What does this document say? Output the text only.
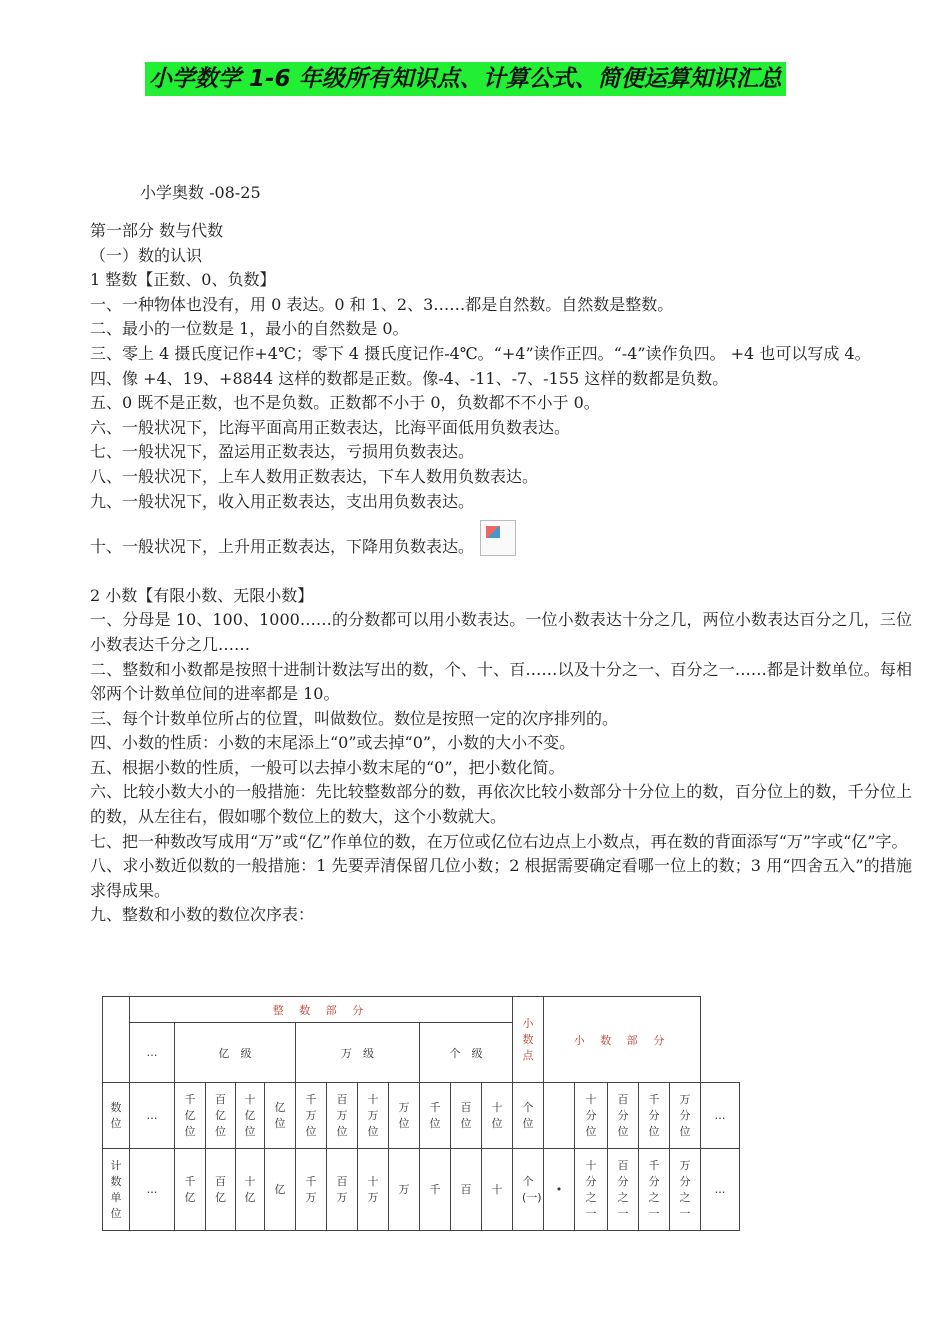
小学数学 1-6 年级所有知识点、计算公式、简便运算知识汇总
小学奥数 -08-25
第一部分 数与代数
（一）数的认识
1 整数【正数、0、负数】
一、一种物体也没有，用 0 表达。0 和 1、2、3……都是自然数。自然数是整数。
二、最小的一位数是 1，最小的自然数是 0。
三、零上 4 摄氏度记作+4℃；零下 4 摄氏度记作-4℃。“+4”读作正四。“-4”读作负四。 +4 也可以写成 4。
四、像 +4、19、+8844 这样的数都是正数。像-4、-11、-7、-155 这样的数都是负数。
五、0 既不是正数，也不是负数。正数都不小于 0，负数都不不小于 0。
六、一般状况下，比海平面高用正数表达，比海平面低用负数表达。
七、一般状况下，盈运用正数表达，亏损用负数表达。
八、一般状况下，上车人数用正数表达，下车人数用负数表达。
九、一般状况下，收入用正数表达，支出用负数表达。
十、一般状况下，上升用正数表达，下降用负数表达。
2 小数【有限小数、无限小数】
一、分母是 10、100、1000……的分数都可以用小数表达。一位小数表达十分之几，两位小数表达百分之几，三位小数表达千分之几……
二、整数和小数都是按照十进制计数法写出的数，个、十、百……以及十分之一、百分之一……都是计数单位。每相邻两个计数单位间的进率都是 10。
三、每个计数单位所占的位置，叫做数位。数位是按照一定的次序排列的。
四、小数的性质：小数的末尾添上“0”或去掉“0”，小数的大小不变。
五、根据小数的性质，一般可以去掉小数末尾的“0”，把小数化简。
六、比较小数大小的一般措施：先比较整数部分的数，再依次比较小数部分十分位上的数，百分位上的数，千分位上的数，从左往右，假如哪个数位上的数大，这个小数就大。
七、把一种数改写成用“万”或“亿”作单位的数，在万位或亿位右边点上小数点，再在数的背面添写“万”字或“亿”字。
八、求小数近似数的一般措施：1 先要弄清保留几位小数；2 根据需要确定看哪一位上的数；3 用“四舍五入”的措施求得成果。
九、整数和小数的数位次序表：
	整 数 部 分												小数点	小 数 部 分					
	…	亿　级				万　级				个　级									
数位	…	千亿位	百亿位	十亿位	亿位	千万位	百万位	十万位	万位	千位	百位	十位	个位		十分位	百分位	千分位	万分位	…
计数单位	…	千亿	百亿	十亿	亿	千万	百万	十万	万	千	百	十	个(一)	•	十分之一	百分之一	千分之一	万分之一	…
